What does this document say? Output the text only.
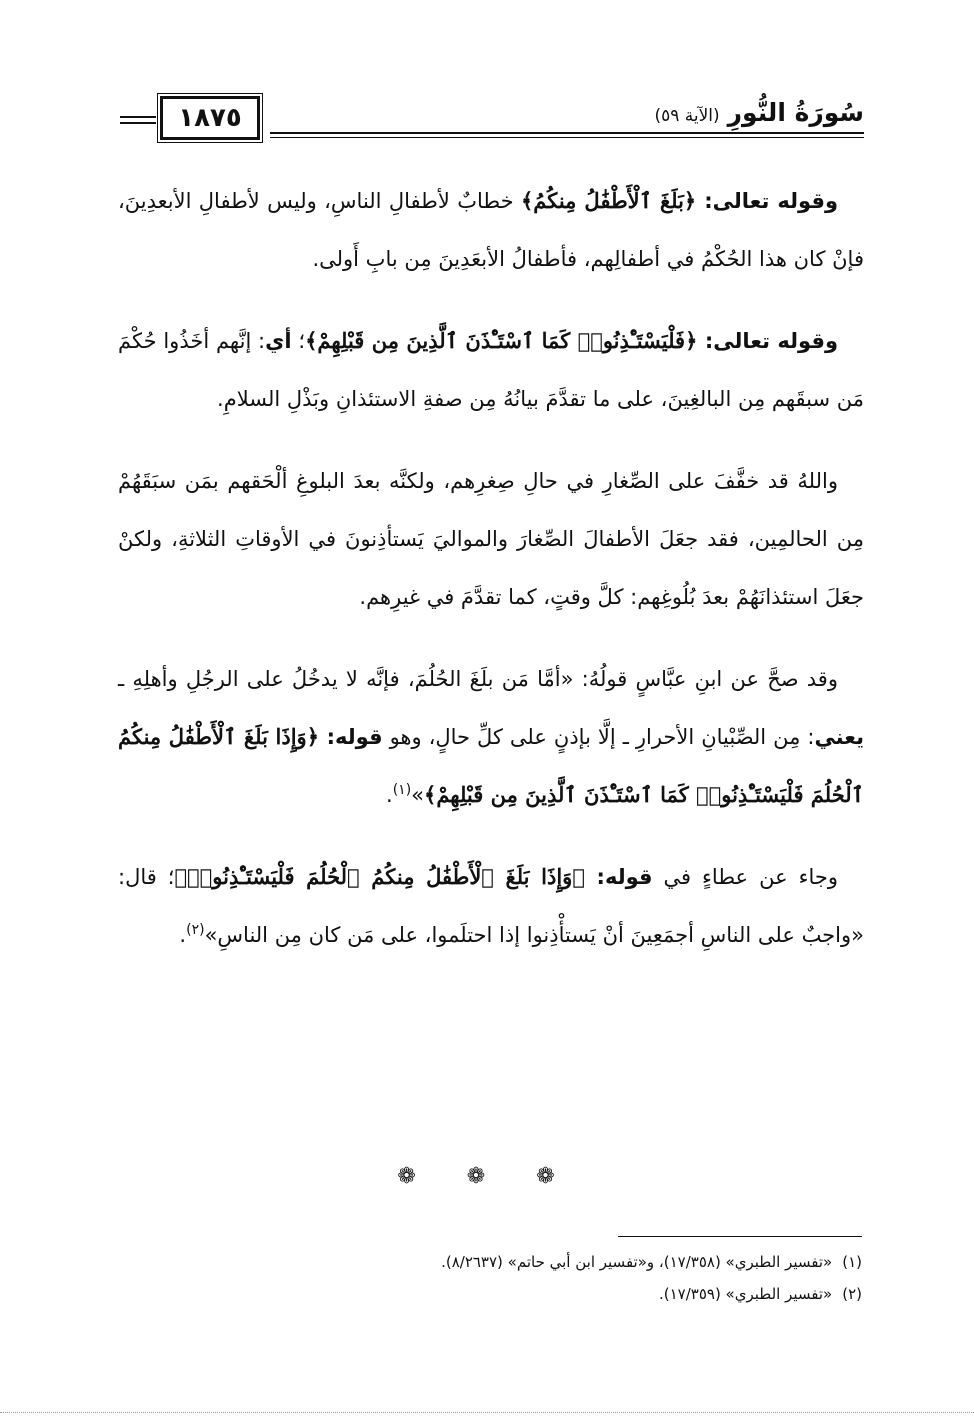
١٨٧٥	سُورَةُ النُّورِ
(الآية ٥٩)

وقوله تعالى: ﴿بَلَغَ ٱلْأَطْفَٰلُ مِنكُمُ﴾ خطابٌ لأطفالِ الناسِ، وليس لأطفالِ الأبعدِينَ، فإنْ كان هذا الحُكْمُ في أطفالِهم، فأطفالُ الأبعَدِينَ مِن بابِ أَولى.

وقوله تعالى: ﴿فَلْيَسْتَـْٔذِنُوا۟ كَمَا ٱسْتَـْٔذَنَ ٱلَّذِينَ مِن قَبْلِهِمْ﴾؛ أي: إنَّهم أخَذُوا حُكْمَ مَن سبقَهم مِن البالغِينَ، على ما تقدَّمَ بيانُهُ مِن صفةِ الاستئذانِ وبَذْلِ السلامِ.

واللهُ قد خفَّفَ على الصِّغارِ في حالِ صِغرِهم، ولكنَّه بعدَ البلوغِ ألْحَقهم بمَن سبَقَهُمْ مِن الحالمِين، فقد جعَلَ الأطفالَ الصِّغارَ والمواليَ يَستأذِنونَ في الأوقاتِ الثلاثةِ، ولكنْ جعَلَ استئذانَهُمْ بعدَ بُلُوغِهم: كلَّ وقتٍ، كما تقدَّمَ في غيرِهم.

وقد صحَّ عن ابنِ عبَّاسٍ قولُهُ: «أمَّا مَن بلَغَ الحُلُمَ، فإنَّه لا يدخُلُ على الرجُلِ وأهلِهِ ـ يعني: مِن الصِّبْيانِ الأحرارِ ـ إلَّا بإذنٍ على كلِّ حالٍ، وهو قوله: ﴿وَإِذَا بَلَغَ ٱلْأَطْفَٰلُ مِنكُمُ ٱلْحُلُمَ فَلْيَسْتَـْٔذِنُوا۟ كَمَا ٱسْتَـْٔذَنَ ٱلَّذِينَ مِن قَبْلِهِمْ﴾»$^{(١)}$.

وجاء عن عطاءٍ في قوله: ﴿وَإِذَا بَلَغَ ٱلْأَطْفَٰلُ مِنكُمُ ٱلْحُلُمَ فَلْيَسْتَـْٔذِنُوا۟﴾؛ قال: «واجبٌ على الناسِ أجمَعِينَ أنْ يَستأْذِنوا إذا احتلَموا، على مَن كان مِن الناسِ»$^{(٢)}$.

❁ ❁ ❁
(١)«تفسير الطبري» (١٧/٣٥٨)، و«تفسير ابن أبي حاتم» (٨/٢٦٣٧).
(٢)«تفسير الطبري» (١٧/٣٥٩).
